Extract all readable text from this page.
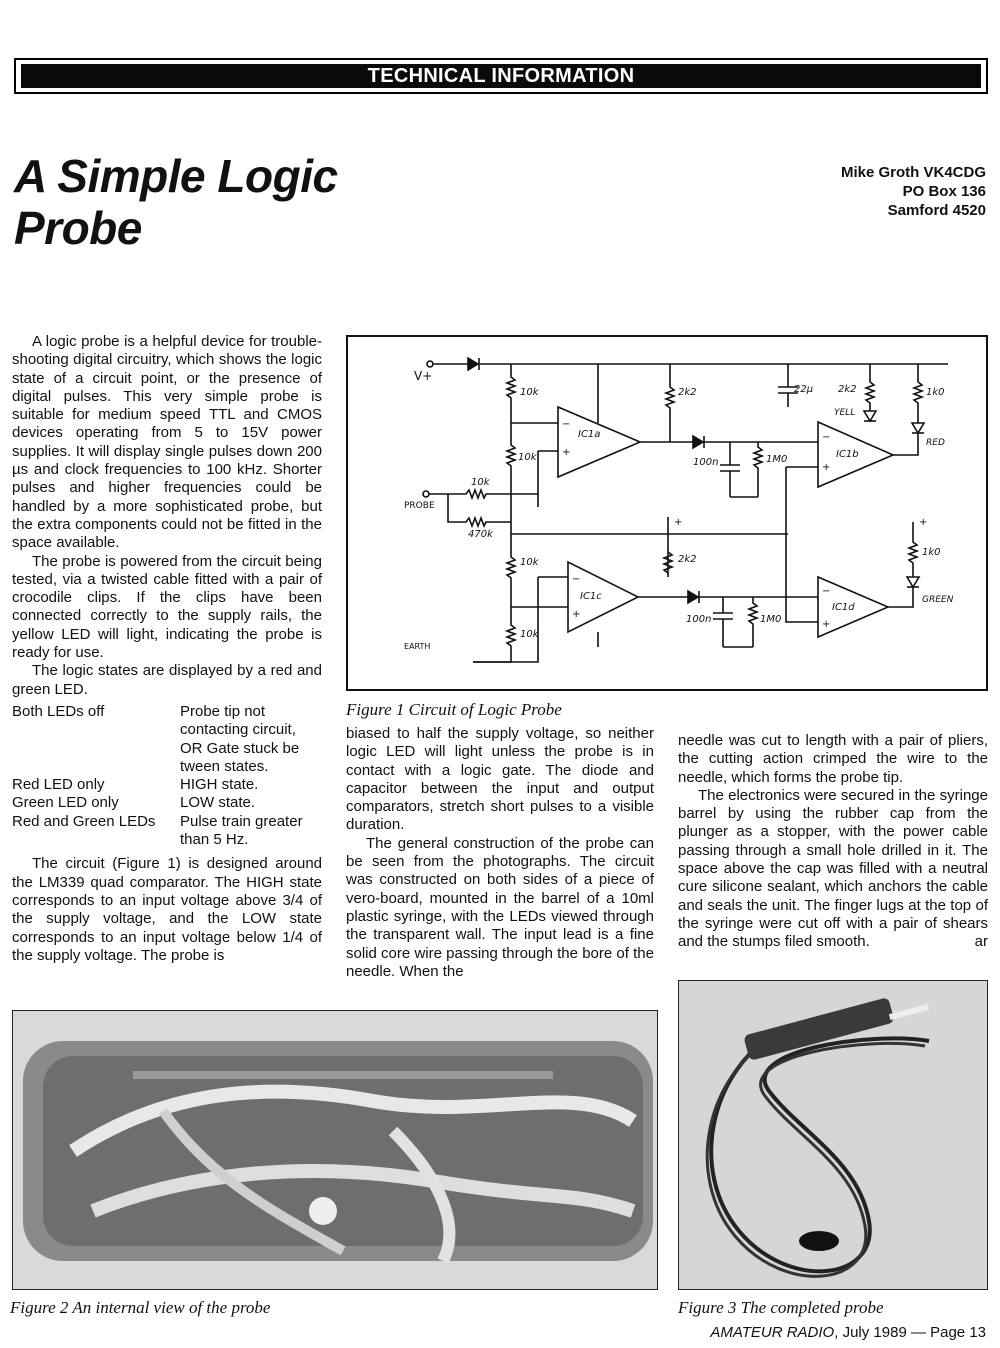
TECHNICAL INFORMATION
A Simple Logic
Probe
Mike Groth VK4CDG
PO Box 136
Samford 4520

A logic probe is a helpful device for trouble-shooting digital circuitry, which shows the logic state of a circuit point, or the presence of digital pulses. This very simple probe is suitable for medium speed TTL and CMOS devices operating from 5 to 15V power supplies. It will display single pulses down 200 µs and clock frequencies to 100 kHz. Shorter pulses and higher frequencies could be handled by a more sophisticated probe, but the extra components could not be fitted in the space available.

The probe is powered from the circuit being tested, via a twisted cable fitted with a pair of crocodile clips. If the clips have been connected correctly to the supply rails, the yellow LED will light, indicating the probe is ready for use.

The logic states are displayed by a red and green LED.

Both LEDs off	Probe tip not contacting circuit, OR Gate stuck be tween states.
Red LED only	HIGH state.
Green LED only	LOW state.
Red and Green LEDs	Pulse train greater than 5 Hz.

The circuit (Figure 1) is designed around the LM339 quad comparator. The HIGH state corresponds to an input voltage above 3/4 of the supply voltage, and the LOW state corresponds to an input voltage below 1/4 of the supply voltage. The probe is

V+
10k
10k
IC1a
−
+
PROBE
10k
470k
2k2
100n	1M0	IC1b
−
+
22µ 2k2
YELL
1k0
RED
+
2k2
10k
10k
EARTH
IC1c
−
+	100n	1M0
IC1d
−
+
+
1k0
GREEN
Figure 1 Circuit of Logic Probe

biased to half the supply voltage, so neither logic LED will light unless the probe is in contact with a logic gate. The diode and capacitor between the input and output comparators, stretch short pulses to a visible duration.

The general construction of the probe can be seen from the photographs. The circuit was constructed on both sides of a piece of vero-board, mounted in the barrel of a 10ml plastic syringe, with the LEDs viewed through the transparent wall. The input lead is a fine solid core wire passing through the bore of the needle. When the

needle was cut to length with a pair of pliers, the cutting action crimped the wire to the needle, which forms the probe tip.

The electronics were secured in the syringe barrel by using the rubber cap from the plunger as a stopper, with the power cable passing through a small hole drilled in it. The space above the cap was filled with a neutral cure silicone sealant, which anchors the cable and seals the unit. The finger lugs at the top of the syringe were cut off with a pair of shears and the stumps filed smooth.	ar

Figure 2 An internal view of the probe	Figure 3 The completed probe
AMATEUR RADIO, July 1989 — Page 13
